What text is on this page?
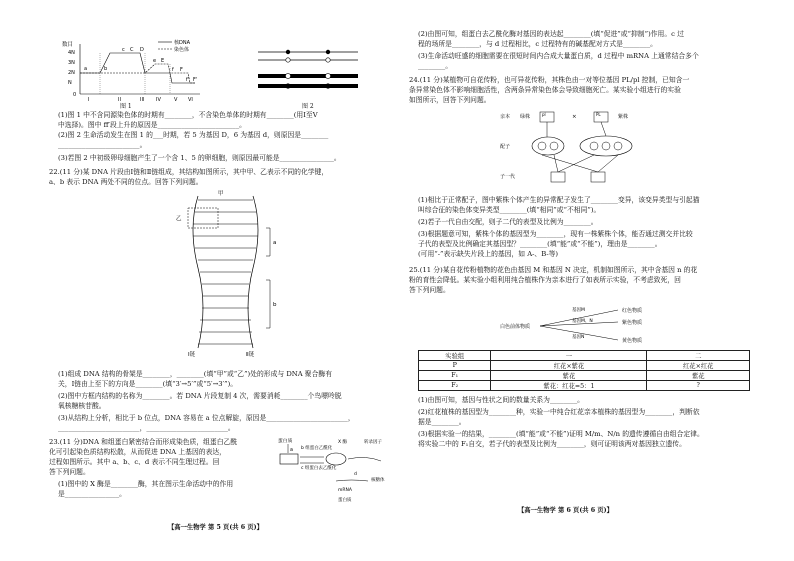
数目
4N
3N
2N
N
0
I	II	III IV	V VI
a	b
c C D
e E
f F
f' F'
核DNA
染色体
图 1	图 2
(1)图 1 中不含同源染色体的时期有________，不含染色单体的时期有________(用Ⅰ至Ⅴ
中选择)。图中 ff′段上升的原因是________________________。
(2)图 2 生命活动发生在图 1 的___时期，若 5 为基因 D，6 为基因 d，则原因是________
________________________。
(3)若图 2 中初级卵母细胞产生了一个含 1、5 的卵细胞，则原因最可能是________________。
22.(11 分)某 DNA 片段由Ⅰ链和Ⅱ链组成，其结构如图所示，其中甲、乙表示不同的化学键，
a、b 表示 DNA 两处不同的位点。回答下列问题。
甲
乙
a
b
Ⅰ链	Ⅱ链
(1)组成 DNA 结构的骨架是________，________(填“甲”或“乙”)处的形成与 DNA 聚合酶有
关，Ⅰ链由上至下的方向是________(填“3′→5′”或“5′→3′”)。
(2)图中方框内结构的名称为________。若 DNA 片段复制 4 次，需要消耗________个鸟嘌呤脱
氧核糖核苷酸。
(3)从结构上分析，相比于 b 位点，DNA 容易在 a 位点解旋，原因是________________________，
________________________，________________________。
23.(11 分)DNA 和组蛋白紧密结合而形成染色质，组蛋白乙酰
化可引起染色质结构松散，从而促进 DNA 上基因的表达，
过程如图所示。其中 a、b、c、d 表示不同生理过程。回
答下列问题。
(1)图中的 X 酶是________酶，其在图示生命活动中的作用
是________________。
蛋白质
a b 组蛋白乙酰化
c 组蛋白去乙酰化
X 酶	转录因子
d
核糖体
mRNA
蛋白质
【高一生物学 第 5 页(共 6 页)】
(2)由图可知，组蛋白去乙酰化酶对基因的表达起________(填“促进”或“抑制”)作用。c 过
程的场所是________，与 d 过程相比，c 过程特有的碱基配对方式是________。
(3)生命活动旺盛的细胞需要在很短时间内合成大量蛋白质，d 过程中 mRNA 上通常结合多个
________。
24.(11 分)某植物可自花传粉，也可异花传粉，其株色由一对等位基因 PL/pl 控制，已知含一
条异常染色体不影响细胞活性，含两条异常染色体会导致细胞死亡。某实验小组进行的实验
如图所示，回答下列问题。
亲本 绿株	×	紫株
pl	PL
配子
子一代
(1)相比于正常配子，图中紫株个体产生的异常配子发生了________变异，该变异类型与引起猫
叫综合征的染色体变异类型________(填“相同”或“不相同”)。
(2)若子一代自由交配，则子二代的表型及比例为________。
(3)根据题意可知，紫株个体的基因型为________，现有一株紫株个体，能否通过测交并比较
子代的表型及比例确定其基因型？________(填“能”或“不能”)，理由是________。
(可用“-”表示缺失片段上的基因，如 A-、B-等)
25.(11 分)某自花传粉植物的花色由基因 M 和基因 N 决定，机制如图所示，其中含基因 n 的花
粉的育性会降低。某实验小组利用纯合植株作为亲本进行了如表所示实验，不考虑致死，回
答下列问题。
白色前体物质
基因M
基因M、N
基因N
红色物质
紫色物质
黄色物质
实验组	一	二
P	红花×紫花	红花×红花
F₁	紫花	紫花
F₂	紫花：红花=5：1	?
(1)由图可知，基因与性状之间的数量关系为________。
(2)红花植株的基因型为________种，实验一中纯合红花亲本植株的基因型为________，判断依
据是________。
(3)根据实验一的结果，________(填“能”或“不能”)证明 M/m、N/n 的遗传遵循自由组合定律。
将实验二中的 F₁自交，若子代的表型及比例为________，则可证明该两对基因独立遗传。
【高一生物学 第 6 页(共 6 页)】
